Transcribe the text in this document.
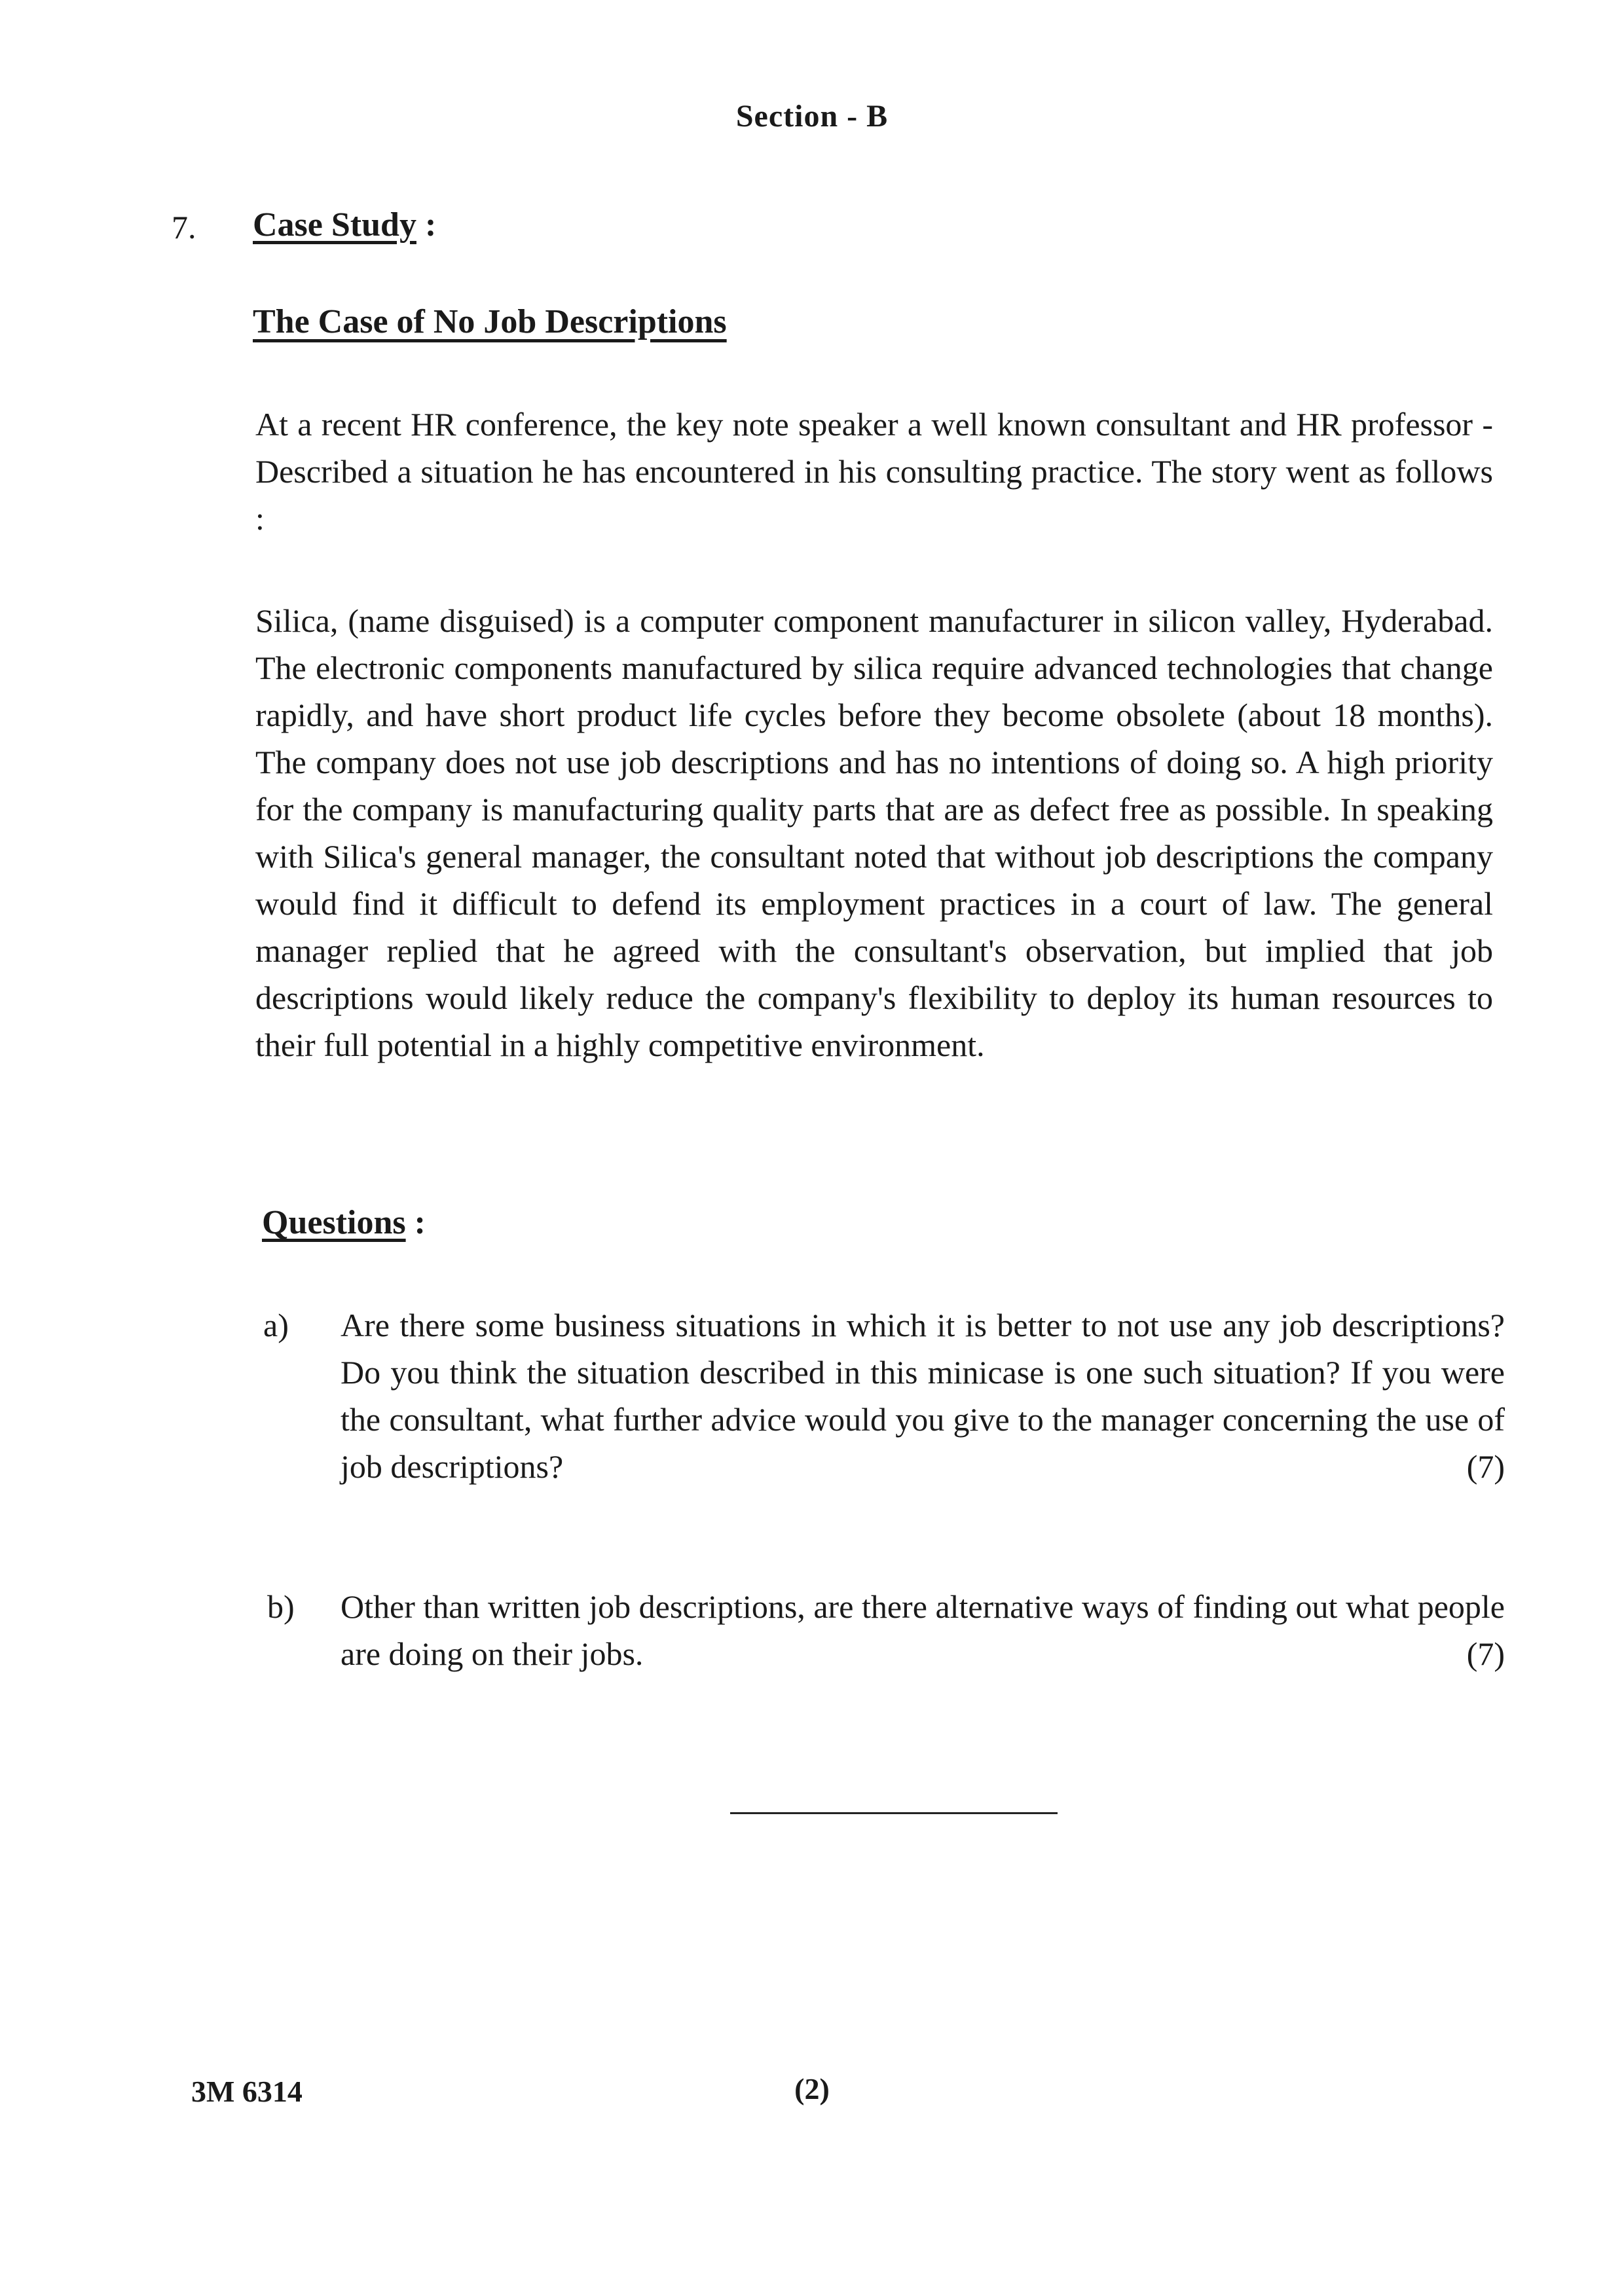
Section - B
7. Case Study :
The Case of No Job Descriptions

At a recent HR conference, the key note speaker a well known consultant and HR professor - Described a situation he has encountered in his consulting practice. The story went as follows :

Silica, (name disguised) is a computer component manufacturer in silicon valley, Hyderabad. The electronic components manufactured by silica require advanced technologies that change rapidly, and have short product life cycles before they become obsolete (about 18 months). The company does not use job descriptions and has no intentions of doing so. A high priority for the company is manufacturing quality parts that are as defect free as possible. In speaking with Silica's general manager, the consultant noted that without job descriptions the company would find it difficult to defend its employment practices in a court of law. The general manager replied that he agreed with the consultant's observation, but implied that job descriptions would likely reduce the company's flexibility to deploy its human resources to their full potential in a highly competitive environment.

Questions :
a) Are there some business situations in which it is better to not use any job descriptions? Do you think the situation described in this minicase is one such situation? If you were the consultant, what further advice would you give to the manager concerning the use of job descriptions?	(7)

b) Other than written job descriptions, are there alternative ways of finding out what people are doing on their jobs.	(7)

3M 6314	(2)
